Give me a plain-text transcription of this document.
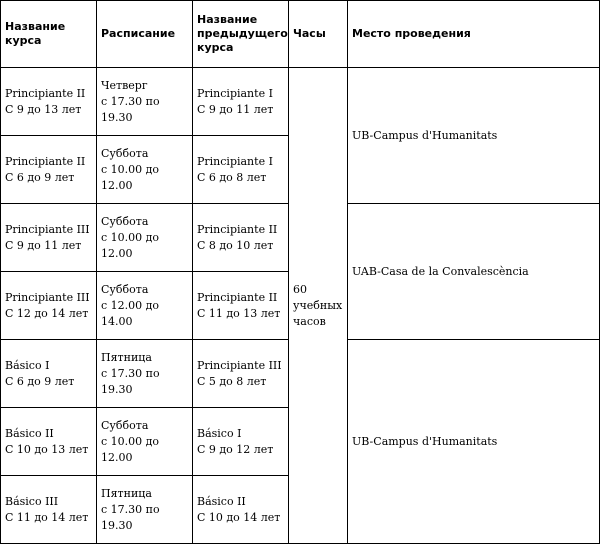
Название курса	Расписание	Название предыдущего курса	Часы	Место проведения

Principiante II
С 9 до 13 лет	Четверг
с 17.30 по
19.30	Principiante I
С 9 до 11 лет	60 учебных часов	UB-Campus d'Humanitats

Principiante II
С 6 до 9 лет	Суббота
с 10.00 до
12.00	Principiante I
С 6 до 8 лет		

Principiante III
С 9 до 11 лет	Суббота
с 10.00 до
12.00	Principiante II
С 8 до 10 лет		UAB-Casa de la Convalescència

Principiante III
С 12 до 14 лет	Суббота
с 12.00 до
14.00	Principiante II
С 11 до 13 лет		

Básico I
С 6 до 9 лет	Пятница
с 17.30 по
19.30	Principiante III
С 5 до 8 лет		UB-Campus d'Humanitats

Básico II
С 10 до 13 лет	Суббота
с 10.00 до
12.00	Básico I
С 9 до 12 лет		

Básico III
С 11 до 14 лет	Пятница
с 17.30 по
19.30	Básico II
С 10 до 14 лет		
